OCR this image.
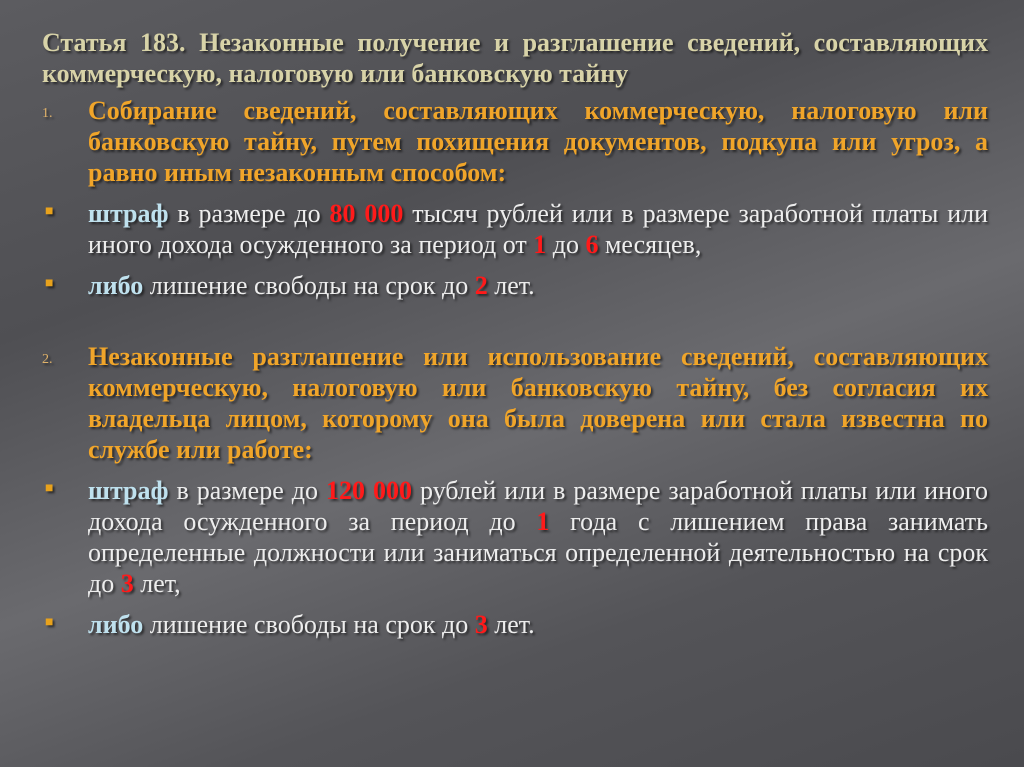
Статья 183. Незаконные получение и разглашение сведений, составляющих коммерческую, налоговую или банковскую тайну
1.	Собирание сведений, составляющих коммерческую, налоговую или банковскую тайну, путем похищения документов, подкупа или угроз, а равно иным незаконным способом:
■	штраф в размере до 80 000 тысяч рублей или в размере заработной платы или иного дохода осужденного за период от 1 до 6 месяцев,
■	либо лишение свободы на срок до 2 лет.
2.	Незаконные разглашение или использование сведений, составляющих коммерческую, налоговую или банковскую тайну, без согласия их владельца лицом, которому она была доверена или стала известна по службе или работе:
■	штраф в размере до 120 000 рублей или в размере заработной платы или иного дохода осужденного за период до 1 года с лишением права занимать определенные должности или заниматься определенной деятельностью на срок до 3 лет,
■	либо лишение свободы на срок до 3 лет.
